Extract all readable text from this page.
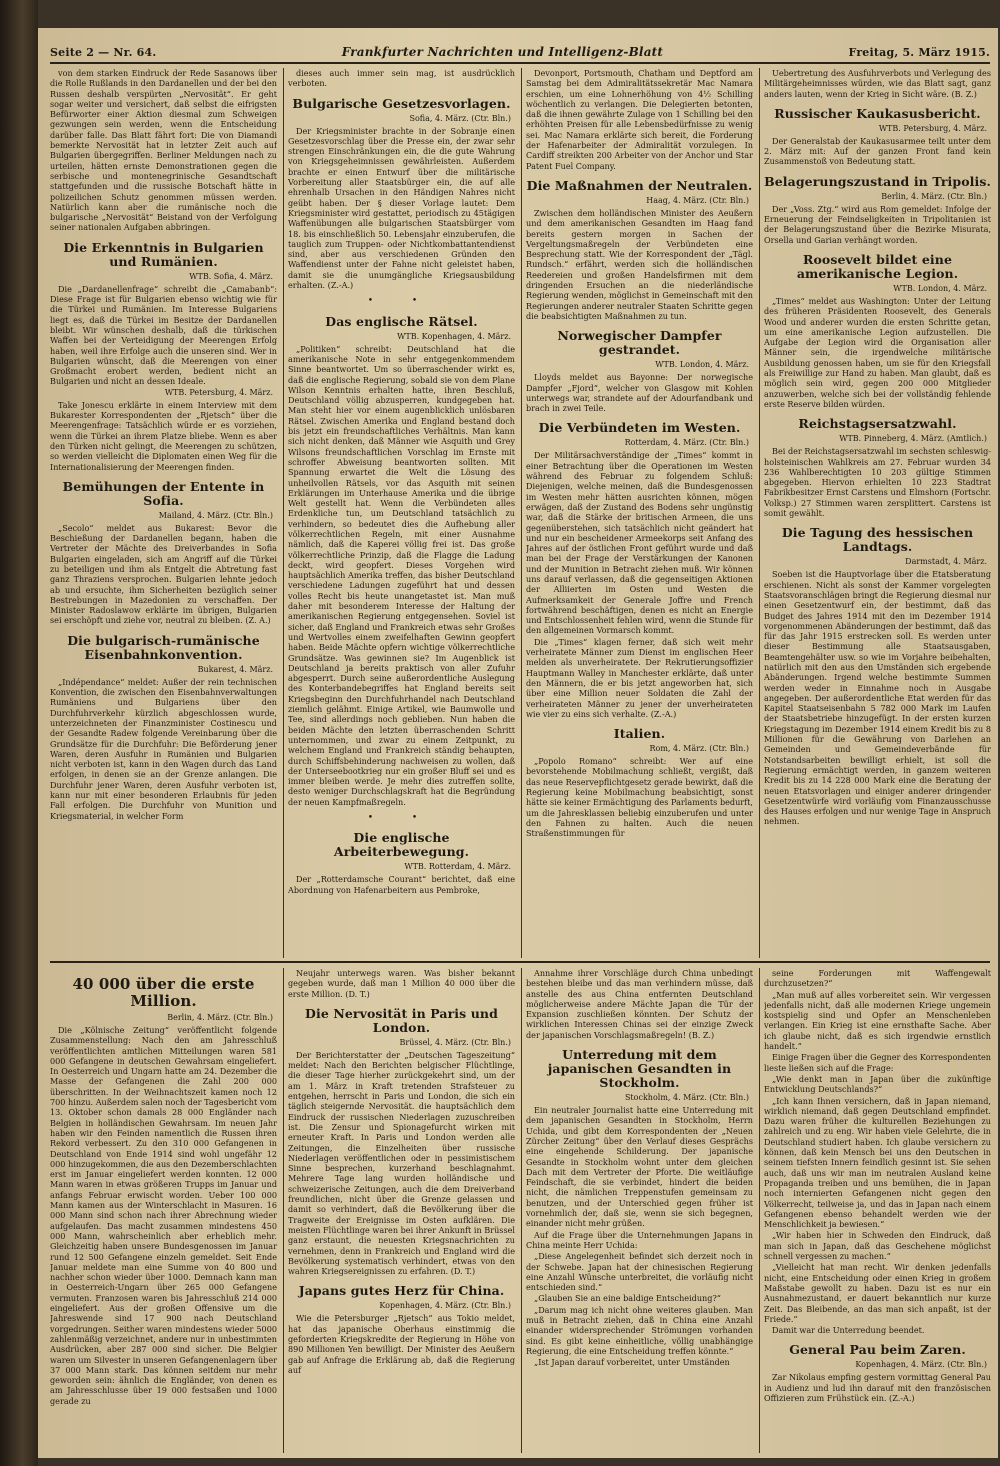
Seite 2 — Nr. 64.	Frankfurter Nachrichten und Intelligenz-Blatt	Freitag, 5. März 1915.

von dem starken Eindruck der Rede Sasanows über die Rolle Rußlands in den Dardanellen und der bei den Russen deshalb verspürten „Nervosität“. Er geht sogar weiter und versichert, daß selbst die eifrigsten Befürworter einer Aktion diesmal zum Schweigen gezwungen sein werden, wenn die Entscheidung darüber falle. Das Blatt fährt fort: Die von Diamandi bemerkte Nervosität hat in letzter Zeit auch auf Bulgarien übergegriffen. Berliner Meldungen nach zu urteilen, hätten ernste Demonstrationen gegen die serbische und montenegrinische Gesandtschaft stattgefunden und die russische Botschaft hätte in polizeilichen Schutz genommen müssen werden. Natürlich kann aber die rumänische noch die bulgarische „Nervosität“ Beistand von der Verfolgung seiner nationalen Aufgaben abbringen.

Die Erkenntnis in Bulgarien und Rumänien.
WTB. Sofia, 4. März.

Die „Dardanellenfrage“ schreibt die „Camabanb“: Diese Frage ist für Bulgarien ebenso wichtig wie für die Türkei und Rumänien. Im Interesse Bulgariens liegt es, daß die Türkei im Besitze der Dardanellen bleibt. Wir wünschen deshalb, daß die türkischen Waffen bei der Verteidigung der Meerengen Erfolg haben, weil ihre Erfolge auch die unseren sind. Wer in Bulgarien wünscht, daß die Meerengen von einer Großmacht erobert werden, bedient nicht an Bulgarien und nicht an dessen Ideale.

WTB. Petersburg, 4. März.

Take Jonescu erklärte in einem Interview mit dem Bukarester Korrespondenten der „Rjetsch“ über die Meerengenfrage: Tatsächlich würde er es vorziehen, wenn die Türkei an ihrem Platze bliebe. Wenn es aber den Türken nicht gelingt, die Meerengen zu schützen, so werden vielleicht die Diplomaten einen Weg für die Internationalisierung der Meerengen finden.

Bemühungen der Entente in Sofia.
Mailand, 4. März. (Ctr. Bln.)

„Secolo“ meldet aus Bukarest: Bevor die Beschießung der Dardanellen begann, haben die Vertreter der Mächte des Dreiverbandes in Sofia Bulgarien eingeladen, sich am Angriff auf die Türkei zu beteiligen und ihm als Entgelt die Abtretung fast ganz Thraziens versprochen. Bulgarien lehnte jedoch ab und ersuchte, ihm Sicherheiten bezüglich seiner Bestrebungen in Mazedonien zu verschaffen. Der Minister Radoslawow erklärte im übrigen, Bulgarien sei erschöpft und ziehe vor, neutral zu bleiben. (Z. A.)

Die bulgarisch-rumänische Eisenbahnkonvention.
Bukarest, 4. März.

„Indépendance“ meldet: Außer der rein technischen Konvention, die zwischen den Eisenbahnverwaltungen Rumäniens und Bulgariens über den Durchfuhrverkehr kürzlich abgeschlossen wurde, unterzeichneten der Finanzminister Costinescu und der Gesandte Radew folgende Vereinbarung über die Grundsätze für die Durchfuhr: Die Beförderung jener Waren, deren Ausfuhr in Rumänien und Bulgarien nicht verboten ist, kann in den Wagen durch das Land erfolgen, in denen sie an der Grenze anlangen. Die Durchfuhr jener Waren, deren Ausfuhr verboten ist, kann nur mit einer besonderen Erlaubnis für jeden Fall erfolgen. Die Durchfuhr von Munition und Kriegsmaterial, in welcher Form

dieses auch immer sein mag, ist ausdrücklich verboten.

Bulgarische Gesetzesvorlagen.
Sofia, 4. März. (Ctr. Bln.)

Der Kriegsminister brachte in der Sobranje einen Gesetzesvorschlag über die Presse ein, der zwar sehr strengen Einschränkungen ein, die die gute Wahrung von Kriegsgeheimnissen gewährleisten. Außerdem brachte er einen Entwurf über die militärische Vorbereitung aller Staatsbürger ein, die auf alle ehrenhalb Ursachen in den Händigen Nahres nicht geübt haben. Der § dieser Vorlage lautet: Dem Kriegsminister wird gestattet, periodisch zu 45tägigen Waffenübungen alle bulgarischen Staatsbürger vom 18. bis einschließlich 50. Lebensjahr einzuberufen, die tauglich zum Truppen- oder Nichtkombattantendienst sind, aber aus verschiedenen Gründen den Waffendienst unter der Fahne nicht geleistet haben, damit sie die unumgängliche Kriegsausbildung erhalten. (Z.-A.)

• •
Das englische Rätsel.
WTB. Kopenhagen, 4. März.

„Politiken“ schreibt: Deutschland hat die amerikanische Note in sehr entgegenkommendem Sinne beantwortet. Um so überraschender wirkt es, daß die englische Regierung, sobald sie von dem Plane Wilson Kenntnis erhalten hatte, ihren Beschluß, Deutschland völlig abzusperren, kundgegeben hat. Man steht hier vor einem augenblicklich unlösbaren Rätsel. Zwischen Amerika und England bestand doch bis jetzt ein freundschaftliches Verhältnis. Man kann sich nicht denken, daß Männer wie Asquith und Grey Wilsons freundschaftlichen Vorschlag im Ernste mit schroffer Abweisung beantworten sollten. Mit Spannung erwartet die Welt die Lösung des unheilvollen Rätsels, vor das Asquith mit seinen Erklärungen im Unterhause Amerika und die übrige Welt gestellt hat. Wenn die Verbündeten alles Erdenkliche tun, um Deutschland tatsächlich zu verhindern, so bedeutet dies die Aufhebung aller völkerrechtlichen Regeln, mit einer Ausnahme nämlich, daß die Kaperei völlig frei ist. Das große völkerrechtliche Prinzip, daß die Flagge die Ladung deckt, wird geopfert. Dieses Vorgehen wird hauptsächlich Amerika treffen, das bisher Deutschland verschiedene Ladungen zugeführt hat und dessen volles Recht bis heute unangetastet ist. Man muß daher mit besonderem Interesse der Haltung der amerikanischen Regierung entgegensehen. Soviel ist sicher, daß England und Frankreich etwas sehr Großes und Wertvolles einem zweifelhaften Gewinn geopfert haben. Beide Mächte opfern wichtige völkerrechtliche Grundsätze. Was gewinnen sie? Im Augenblick ist Deutschland ja bereits praktisch von aller Zufuhr abgesperrt. Durch seine außerordentliche Auslegung des Konterbandebegriffes hat England bereits seit Kriegsbeginn den Durchfuhrhandel nach Deutschland ziemlich gelähmt. Einige Artikel, wie Baumwolle und Tee, sind allerdings noch geblieben. Nun haben die beiden Mächte den letzten überraschenden Schritt unternommen, und zwar zu einem Zeitpunkt, zu welchem England und Frankreich ständig behaupten, durch Schiffsbehinderung nachweisen zu wollen, daß der Unterseebootkrieg nur ein großer Bluff sei und es immer bleiben werde. Je mehr dies zutreffen sollte, desto weniger Durchschlagskraft hat die Begründung der neuen Kampfmaßregeln.

• •
Die englische Arbeiterbewegung.
WTB. Rotterdam, 4. März.

Der „Rotterdamsche Courant“ berichtet, daß eine Abordnung von Hafenarbeitern aus Pembroke,

Devonport, Portsmouth, Chatham und Deptford am Samstag bei dem Admiralitätssekretär Mac Namara erschien, um eine Lohnerhöhung von 4½ Schilling wöchentlich zu verlangen. Die Delegierten betonten, daß die ihnen gewährte Zulage von 1 Schilling bei den erhöhten Preisen für alle Lebensbedürfnisse zu wenig sei. Mac Namara erklärte sich bereit, die Forderung der Hafenarbeiter der Admiralität vorzulegen. In Cardiff streikten 200 Arbeiter von der Anchor und Star Patent Fuel Company.

Die Maßnahmen der Neutralen.
Haag, 4. März. (Ctr. Bln.)

Zwischen dem holländischen Minister des Aeußern und dem amerikanischen Gesandten im Haag fand bereits gestern morgen in Sachen der Vergeltungsmaßregeln der Verbündeten eine Besprechung statt. Wie der Korrespondent der „Tägl. Rundsch.“ erfährt, werden sich die holländischen Reedereien und großen Handelsfirmen mit dem dringenden Ersuchen an die niederländische Regierung wenden, möglichst in Gemeinschaft mit den Regierungen anderer neutraler Staaten Schritte gegen die beabsichtigten Maßnahmen zu tun.

Norwegischer Dampfer gestrandet.
WTB. London, 4. März.

Lloyds meldet aus Bayonne: Der norwegische Dampfer „Fjord“, welcher von Glasgow mit Kohlen unterwegs war, strandete auf der Adourfandbank und brach in zwei Teile.

Die Verbündeten im Westen.
Rotterdam, 4. März. (Ctr. Bln.)

Der Militärsachverständige der „Times“ kommt in einer Betrachtung über die Operationen im Westen während des Februar zu folgendem Schluß: Diejenigen, welche meinen, daß die Bundesgenossen im Westen mehr hätten ausrichten können, mögen erwägen, daß der Zustand des Bodens sehr ungünstig war, daß die Stärke der britischen Armeen, die uns gegenüberstehen, sich tatsächlich nicht geändert hat und nur ein bescheidener Armeekorps seit Anfang des Jahres auf der östlichen Front geführt wurde und daß man bei der Frage der Verstärkungen der Kanonen und der Munition in Betracht ziehen muß. Wir können uns darauf verlassen, daß die gegenseitigen Aktionen der Alliierten im Osten und Westen die Aufmerksamkeit der Generale Joffre und French fortwährend beschäftigen, denen es nicht an Energie und Entschlossenheit fehlen wird, wenn die Stunde für den allgemeinen Vormarsch kommt.

Die „Times“ klagen ferner, daß sich weit mehr verheiratete Männer zum Dienst im englischen Heer melden als unverheiratete. Der Rekrutierungsoffizier Hauptmann Walley in Manchester erklärte, daß unter den Männern, die er bis jetzt angeworben hat, sich über eine Million neuer Soldaten die Zahl der verheirateten Männer zu jener der unverheirateten wie vier zu eins sich verhalte. (Z.-A.)

Italien.
Rom, 4. März. (Ctr. Bln.)

„Popolo Romano“ schreibt: Wer auf eine bevorstehende Mobilmachung schließt, vergißt, daß das neue Reservepflichtgesetz gerade bewirkt, daß die Regierung keine Mobilmachung beabsichtigt, sonst hätte sie keiner Ermächtigung des Parlaments bedurft, um die Jahresklassen beliebig einzuberufen und unter den Fahnen zu halten. Auch die neuen Straßenstimmungen für

Uebertretung des Ausfuhrverbots und Verlegung des Militärgeheimnisses würden, wie das Blatt sagt, ganz anders lauten, wenn der Krieg in Sicht wäre. (B. Z.)

Russischer Kaukasusbericht.
WTB. Petersburg, 4. März.

Der Generalstab der Kaukasusarmee teilt unter dem 2. März mit: Auf der ganzen Front fand kein Zusammenstoß von Bedeutung statt.

Belagerungszustand in Tripolis.
Berlin, 4. März. (Ctr. Bln.)

Der „Voss. Ztg.“ wird aus Rom gemeldet: Infolge der Erneuerung der Feindseligkeiten in Tripolitanien ist der Belagerungszustand über die Bezirke Misurata, Orsella und Garian verhängt worden.

Roosevelt bildet eine amerikanische Legion.
WTB. London, 4. März.

„Times“ meldet aus Washington: Unter der Leitung des früheren Präsidenten Roosevelt, des Generals Wood und anderer wurden die ersten Schritte getan, um eine amerikanische Legion aufzustellen. Die Aufgabe der Legion wird die Organisation aller Männer sein, die irgendwelche militärische Ausbildung genossen haben, um sie für den Kriegsfall als Freiwillige zur Hand zu haben. Man glaubt, daß es möglich sein wird, gegen 200 000 Mitglieder anzuwerben, welche sich bei der vollständig fehlende erste Reserve bilden würden.

Reichstagsersatzwahl.
WTB. Pinneberg, 4. März. (Amtlich.)

Bei der Reichstagsersatzwahl im sechsten schleswig-holsteinischen Wahlkreis am 27. Februar wurden 34 236 Wahlberechtigten 10 203 gültige Stimmen abgegeben. Hiervon erhielten 10 223 Stadtrat Fabrikbesitzer Ernst Carstens und Elmshorn (Fortschr. Volksp.) 27 Stimmen waren zersplittert. Carstens ist somit gewählt.

Die Tagung des hessischen Landtags.
Darmstadt, 4. März.

Soeben ist die Hauptvorlage über die Etatsberatung erschienen. Nicht als sonst der Kammer vorgelegten Staatsvoranschlägen bringt die Regierung diesmal nur einen Gesetzentwurf ein, der bestimmt, daß das Budget des Jahres 1914 mit den im Dezember 1914 vorgenommenen Abänderungen der bestimmt, daß das für das Jahr 1915 erstrecken soll. Es werden unter dieser Bestimmung alle Staatsausgaben, Beamtengehälter usw. so wie im Vorjahre beibehalten, natürlich mit den aus den Umständen sich ergebende Abänderungen. Irgend welche bestimmte Summen werden weder in Einnahme noch in Ausgabe angegeben. Der außerordentliche Etat werden für das Kapitel Staatseisenbahn 5 782 000 Mark im Laufen der Staatsbetriebe hinzugefügt. In der ersten kurzen Kriegstagung im Dezember 1914 einem Kredit bis zu 8 Millionen für die Gewährung von Darlehen an Gemeinden und Gemeindeverbände für Notstandsarbeiten bewilligt erhielt, ist soll die Regierung ermächtigt werden, in ganzem weiteren Kredit bis zu 14 228 000 Mark eine die Beratung der neuen Etatsvorlagen und einiger anderer dringender Gesetzentwürfe wird vorläufig vom Finanzausschusse des Hauses erfolgen und nur wenige Tage in Anspruch nehmen.

40 000 über die erste Million.
Berlin, 4. März. (Ctr. Bln.)

Die „Kölnische Zeitung“ veröffentlicht folgende Zusammenstellung: Nach den am Jahresschluß veröffentlichten amtlichen Mitteilungen waren 581 000 Gefangene in deutschen Gewahrsam eingeliefert. In Oesterreich und Ungarn hatte am 24. Dezember die Masse der Gefangenen die Zahl 200 000 überschritten. In der Weihnachtszeit kamen noch 12 700 hinzu. Außerdem salen noch der Tagesbericht vom 13. Oktober schon damals 28 000 Engländer nach Belgien in holländischen Gewahrsam. Im neuen Jahr haben wir den Feinden namentlich die Russen ihren Rekord verbessert. Zu den 310 000 Gefangenen in Deutschland von Ende 1914 sind wohl ungefähr 12 000 hinzugekommen, die aus den Dezemberschlachten erst im Januar eingeliefert werden konnten. 12 000 Mann waren in etwas größeren Trupps im Januar und anfangs Februar erwischt worden. Ueber 100 000 Mann kamen aus der Winterschlacht in Masuren. 16 000 Mann sind schon nach ihrer Abrechnung wieder aufgelaufen. Das macht zusammen mindestens 450 000 Mann, wahrscheinlich aber erheblich mehr. Gleichzeitig haben unsere Bundesgenossen im Januar rund 12 500 Gefangene einzeln gemeldet. Seit Ende Januar meldete man eine Summe von 40 800 und nachher schon wieder über 1000. Demnach kann man in Oesterreich-Ungarn über 265 000 Gefangene vermuten. Franzosen waren bis Jahresschluß 214 000 eingeliefert. Aus der großen Offensive um die Jahreswende sind 17 900 nach Deutschland vorgedrungen. Seither waren mindestens wieder 5000 zahlenmäßig verzeichnet, andere nur in unbestimmten Ausdrücken, aber 287 000 sind sicher. Die Belgier waren um Silvester in unseren Gefangenenlagern über 37 000 Mann stark. Das können seitdem nur mehr geworden sein: ähnlich die Engländer, von denen es am Jahresschlusse über 19 000 festsaßen und 1000 gerade zu

Neujahr unterwegs waren. Was bisher bekannt gegeben wurde, daß man 1 Million 40 000 über die erste Million. (D. T.)

Die Nervosität in Paris und London.
Brüssel, 4. März. (Ctr. Bln.)

Der Berichterstatter der „Deutschen Tageszeitung“ meldet: Nach den Berichten belgischer Flüchtlinge, die dieser Tage hierher zurückgekehrt sind, um der am 1. März in Kraft tretenden Strafsteuer zu entgehen, herrscht in Paris und London, die sich ein täglich steigernde Nervosität. die hauptsächlich dem Eindruck der russischen Niederlagen zuzuschreiben ist. Die Zensur und Spionagefurcht wirken mit erneuter Kraft. In Paris und London werden alle Zeitungen, die Einzelheiten über russische Niederlagen veröffentlichen oder in pessimistischem Sinne besprechen, kurzerhand beschlagnahmt. Mehrere Tage lang wurden holländische und schweizerische Zeitungen, auch die dem Dreiverband freundlichen, nicht über die Grenze gelassen und damit so verhindert, daß die Bevölkerung über die Tragweite der Ereignisse im Osten aufklären. Die meisten Flüchtlinge waren bei ihrer Ankunft in Brüssel ganz erstaunt, die neuesten Kriegsnachrichten zu vernehmen, denn in Frankreich und England wird die Bevölkerung systematisch verhindert, etwas von den wahren Kriegsereignissen zu erfahren. (D. T.)

Japans gutes Herz für China.
Kopenhagen, 4. März. (Ctr. Bln.)

Wie die Petersburger „Rjetsch“ aus Tokio meldet, hat das japanische Oberhaus einstimmig die geforderten Kriegskredite der Regierung in Höhe von 890 Millionen Yen bewilligt. Der Minister des Aeußern gab auf Anfrage die Erklärung ab, daß die Regierung auf

Annahme ihrer Vorschläge durch China unbedingt bestehen bleibe und das man verhindern müsse, daß anstelle des aus China entfernten Deutschland möglicherweise andere Mächte Japan die Tür der Expansion zuschließen könnten. Der Schutz der wirklichen Interessen Chinas sei der einzige Zweck der japanischen Vorschlagsmaßregeln! (B. Z.)

Unterredung mit dem japanischen Gesandten in Stockholm.
Stockholm, 4. März. (Ctr. Bln.)

Ein neutraler Journalist hatte eine Unterredung mit dem japanischen Gesandten in Stockholm, Herrn Uchida, und gibt dem Korrespondenten der „Neuen Zürcher Zeitung“ über den Verlauf dieses Gesprächs eine eingehende Schilderung. Der japanische Gesandte in Stockholm wohnt unter dem gleichen Dach mit dem Vertreter der Pforte. Die weitläufige Feindschaft, die sie verbindet, hindert die beiden nicht, die nämlichen Treppenstufen gemeinsam zu benutzen, und der Unterschied gegen früher ist vornehmlich der, daß sie, wenn sie sich begegnen, einander nicht mehr grüßen.

Auf die Frage über die Unternehmungen Japans in China meinte Herr Uchida:

„Diese Angelegenheit befindet sich derzeit noch in der Schwebe. Japan hat der chinesischen Regierung eine Anzahl Wünsche unterbreitet, die vorläufig nicht entschieden sind.“

„Glauben Sie an eine baldige Entscheidung?“

„Darum mag ich nicht ohne weiteres glauben. Man muß in Betracht ziehen, daß in China eine Anzahl einander widersprechender Strömungen vorhanden sind. Es gibt keine einheitliche, völlig unabhängige Regierung, die eine Entscheidung treffen könnte.“

„Ist Japan darauf vorbereitet, unter Umständen

seine Forderungen mit Waffengewalt durchzusetzen?“

„Man muß auf alles vorbereitet sein. Wir vergessen jedenfalls nicht, daß alle modernen Kriege ungemein kostspielig sind und Opfer an Menschenleben verlangen. Ein Krieg ist eine ernsthafte Sache. Aber ich glaube nicht, daß es sich irgendwie ernstlich handelt.“

Einige Fragen über die Gegner des Korrespondenten lieste ließen sich auf die Frage:

„Wie denkt man in Japan über die zukünftige Entwicklung Deutschlands?“

„Ich kann Ihnen versichern, daß in Japan niemand, wirklich niemand, daß gegen Deutschland empfindet. Dazu waren früher die kulturellen Beziehungen zu zahlreich und zu eng. Wir haben viele Gelehrte, die in Deutschland studiert haben. Ich glaube versichern zu können, daß kein Mensch bei uns den Deutschen in seinem tiefsten Innern feindlich gesinnt ist. Sie sehen auch, daß uns wir man im neutralen Ausland keine Propaganda treiben und uns bemühen, die in Japan noch internierten Gefangenen nicht gegen den Völkerrecht, teilweise ja, und das in Japan nach einem Gefangenen ebenso behandelt werden wie der Menschlichkeit ja bewiesen.“

„Wir haben hier in Schweden den Eindruck, daß man sich in Japan, daß das Geschehene möglichst schnell vergessen zu machen.“

„Vielleicht hat man recht. Wir denken jedenfalls nicht, eine Entscheidung oder einen Krieg in großem Maßstabe gewollt zu haben. Dazu ist es nur ein Ausnahmezustand, er dauert bekanntlich nur kurze Zeit. Das Bleibende, an das man sich anpaßt, ist der Friede.“

Damit war die Unterredung beendet.

General Pau beim Zaren.
Kopenhagen, 4. März. (Ctr. Bln.)

Zar Nikolaus empfing gestern vormittag General Pau in Audienz und lud ihn darauf mit den französischen Offizieren zum Frühstück ein. (Z.-A.)
